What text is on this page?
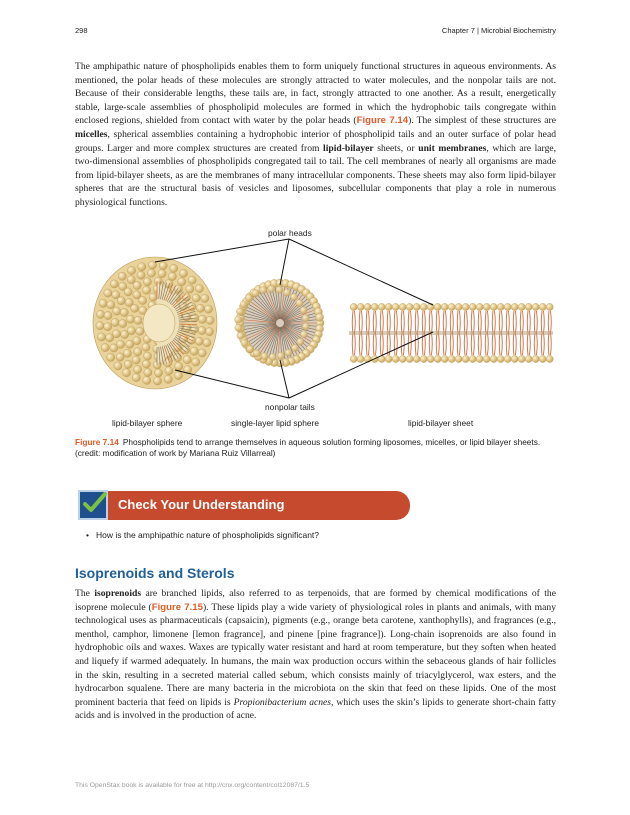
298	Chapter 7 | Microbial Biochemistry

The amphipathic nature of phospholipids enables them to form uniquely functional structures in aqueous environments. As mentioned, the polar heads of these molecules are strongly attracted to water molecules, and the nonpolar tails are not. Because of their considerable lengths, these tails are, in fact, strongly attracted to one another. As a result, energetically stable, large-scale assemblies of phospholipid molecules are formed in which the hydrophobic tails congregate within enclosed regions, shielded from contact with water by the polar heads (Figure 7.14). The simplest of these structures are micelles, spherical assemblies containing a hydrophobic interior of phospholipid tails and an outer surface of polar head groups. Larger and more complex structures are created from lipid-bilayer sheets, or unit membranes, which are large, two-dimensional assemblies of phospholipids congregated tail to tail. The cell membranes of nearly all organisms are made from lipid-bilayer sheets, as are the membranes of many intracellular components. These sheets may also form lipid-bilayer spheres that are the structural basis of vesicles and liposomes, subcellular components that play a role in numerous physiological functions.

polar heads
nonpolar tails
lipid-bilayer sphere	single-layer lipid sphere	lipid-bilayer sheet
Figure 7.14 Phospholipids tend to arrange themselves in aqueous solution forming liposomes, micelles, or lipid bilayer sheets. (credit: modification of work by Mariana Ruiz Villarreal)
Check Your Understanding
• How is the amphipathic nature of phospholipids significant?
Isoprenoids and Sterols

The isoprenoids are branched lipids, also referred to as terpenoids, that are formed by chemical modifications of the isoprene molecule (Figure 7.15). These lipids play a wide variety of physiological roles in plants and animals, with many technological uses as pharmaceuticals (capsaicin), pigments (e.g., orange beta carotene, xanthophylls), and fragrances (e.g., menthol, camphor, limonene [lemon fragrance], and pinene [pine fragrance]). Long-chain isoprenoids are also found in hydrophobic oils and waxes. Waxes are typically water resistant and hard at room temperature, but they soften when heated and liquefy if warmed adequately. In humans, the main wax production occurs within the sebaceous glands of hair follicles in the skin, resulting in a secreted material called sebum, which consists mainly of triacylglycerol, wax esters, and the hydrocarbon squalene. There are many bacteria in the microbiota on the skin that feed on these lipids. One of the most prominent bacteria that feed on lipids is Propionibacterium acnes, which uses the skin’s lipids to generate short-chain fatty acids and is involved in the production of acne.

This OpenStax book is available for free at http://cnx.org/content/col12087/1.5
